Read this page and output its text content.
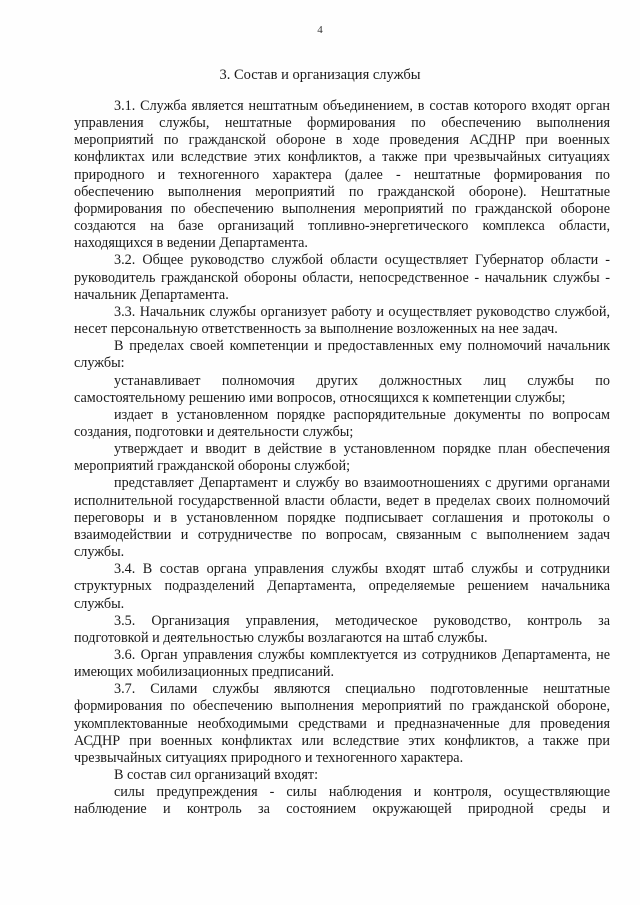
4
3. Состав и организация службы

3.1. Служба является нештатным объединением, в состав которого входят орган управления службы, нештатные формирования по обеспечению выполнения мероприятий по гражданской обороне в ходе проведения АСДНР при военных конфликтах или вследствие этих конфликтов, а также при чрезвычайных ситуациях природного и техногенного характера (далее - нештатные формирования по обеспечению выполнения мероприятий по гражданской обороне). Нештатные формирования по обеспечению выполнения мероприятий по гражданской обороне создаются на базе организаций топливно-энергетического комплекса области, находящихся в ведении Департамента.

3.2. Общее руководство службой области осуществляет Губернатор области - руководитель гражданской обороны области, непосредственное - начальник службы - начальник Департамента.

3.3. Начальник службы организует работу и осуществляет руководство службой, несет персональную ответственность за выполнение возложенных на нее задач.

В пределах своей компетенции и предоставленных ему полномочий начальник службы:

устанавливает полномочия других должностных лиц службы по самостоятельному решению ими вопросов, относящихся к компетенции службы;

издает в установленном порядке распорядительные документы по вопросам создания, подготовки и деятельности службы;

утверждает и вводит в действие в установленном порядке план обеспечения мероприятий гражданской обороны службой;

представляет Департамент и службу во взаимоотношениях с другими органами исполнительной государственной власти области, ведет в пределах своих полномочий переговоры и в установленном порядке подписывает соглашения и протоколы о взаимодействии и сотрудничестве по вопросам, связанным с выполнением задач службы.

3.4. В состав органа управления службы входят штаб службы и сотрудники структурных подразделений Департамента, определяемые решением начальника службы.

3.5. Организация управления, методическое руководство, контроль за подготовкой и деятельностью службы возлагаются на штаб службы.

3.6. Орган управления службы комплектуется из сотрудников Департамента, не имеющих мобилизационных предписаний.

3.7. Силами службы являются специально подготовленные нештатные формирования по обеспечению выполнения мероприятий по гражданской обороне, укомплектованные необходимыми средствами и предназначенные для проведения АСДНР при военных конфликтах или вследствие этих конфликтов, а также при чрезвычайных ситуациях природного и техногенного характера.

В состав сил организаций входят:

силы предупреждения - силы наблюдения и контроля, осуществляющие наблюдение и контроль за состоянием окружающей природной среды и
